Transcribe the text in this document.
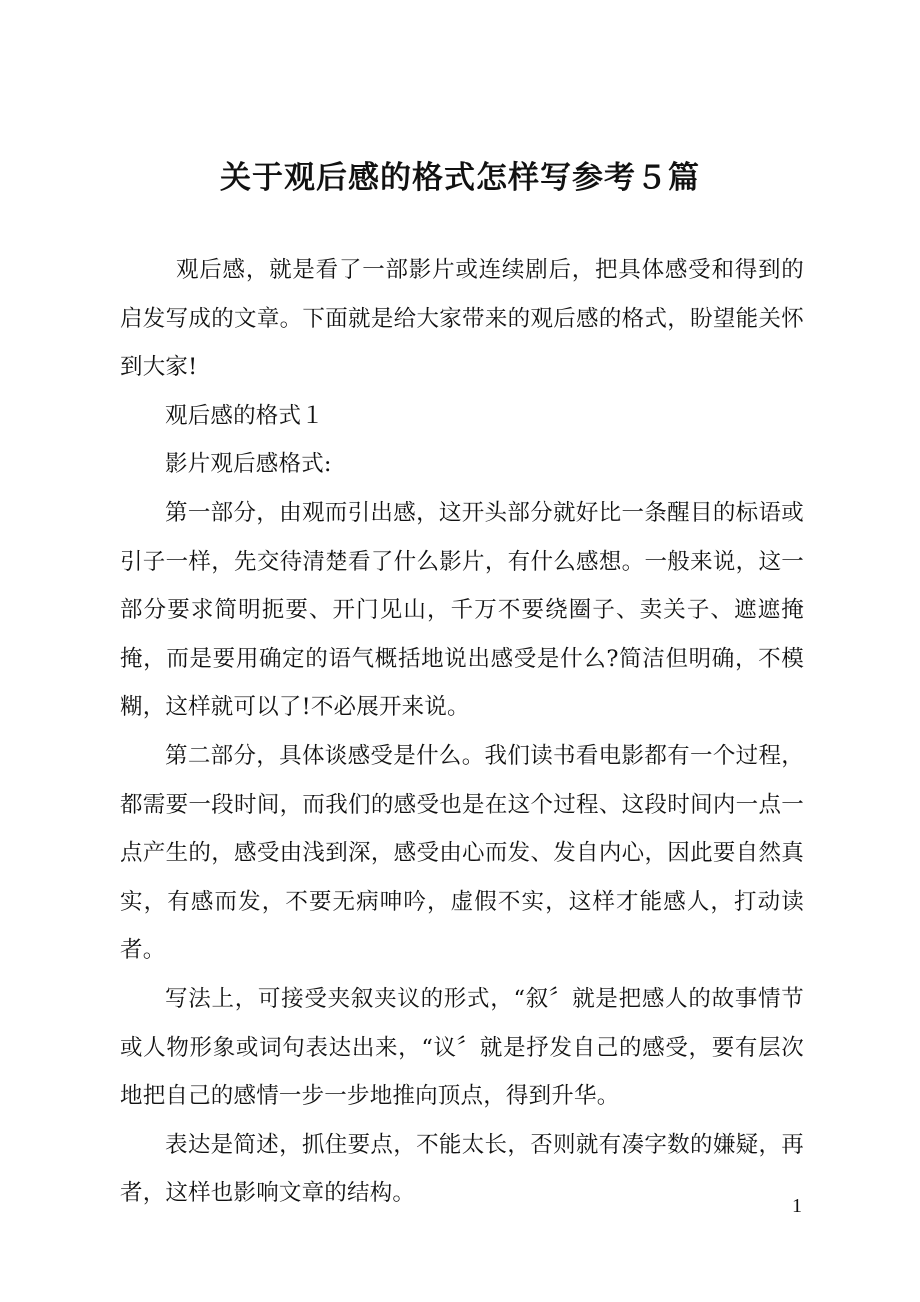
关于观后感的格式怎样写参考５篇

观后感，就是看了一部影片或连续剧后，把具体感受和得到的启发写成的文章。下面就是给大家带来的观后感的格式，盼望能关怀到大家!

观后感的格式１

影片观后感格式:

第一部分，由观而引出感，这开头部分就好比一条醒目的标语或引子一样，先交待清楚看了什么影片，有什么感想。一般来说，这一部分要求简明扼要、开门见山，千万不要绕圈子、卖关子、遮遮掩掩，而是要用确定的语气概括地说出感受是什么?简洁但明确，不模糊，这样就可以了!不必展开来说。

第二部分，具体谈感受是什么。我们读书看电影都有一个过程，都需要一段时间，而我们的感受也是在这个过程、这段时间内一点一点产生的，感受由浅到深，感受由心而发、发自内心，因此要自然真实，有感而发，不要无病呻吟，虚假不实，这样才能感人，打动读者。

写法上，可接受夹叙夹议的形式，“叙〞就是把感人的故事情节或人物形象或词句表达出来，“议〞就是抒发自己的感受，要有层次地把自己的感情一步一步地推向顶点，得到升华。

表达是简述，抓住要点，不能太长，否则就有凑字数的嫌疑，再者，这样也影响文章的结构。	1
